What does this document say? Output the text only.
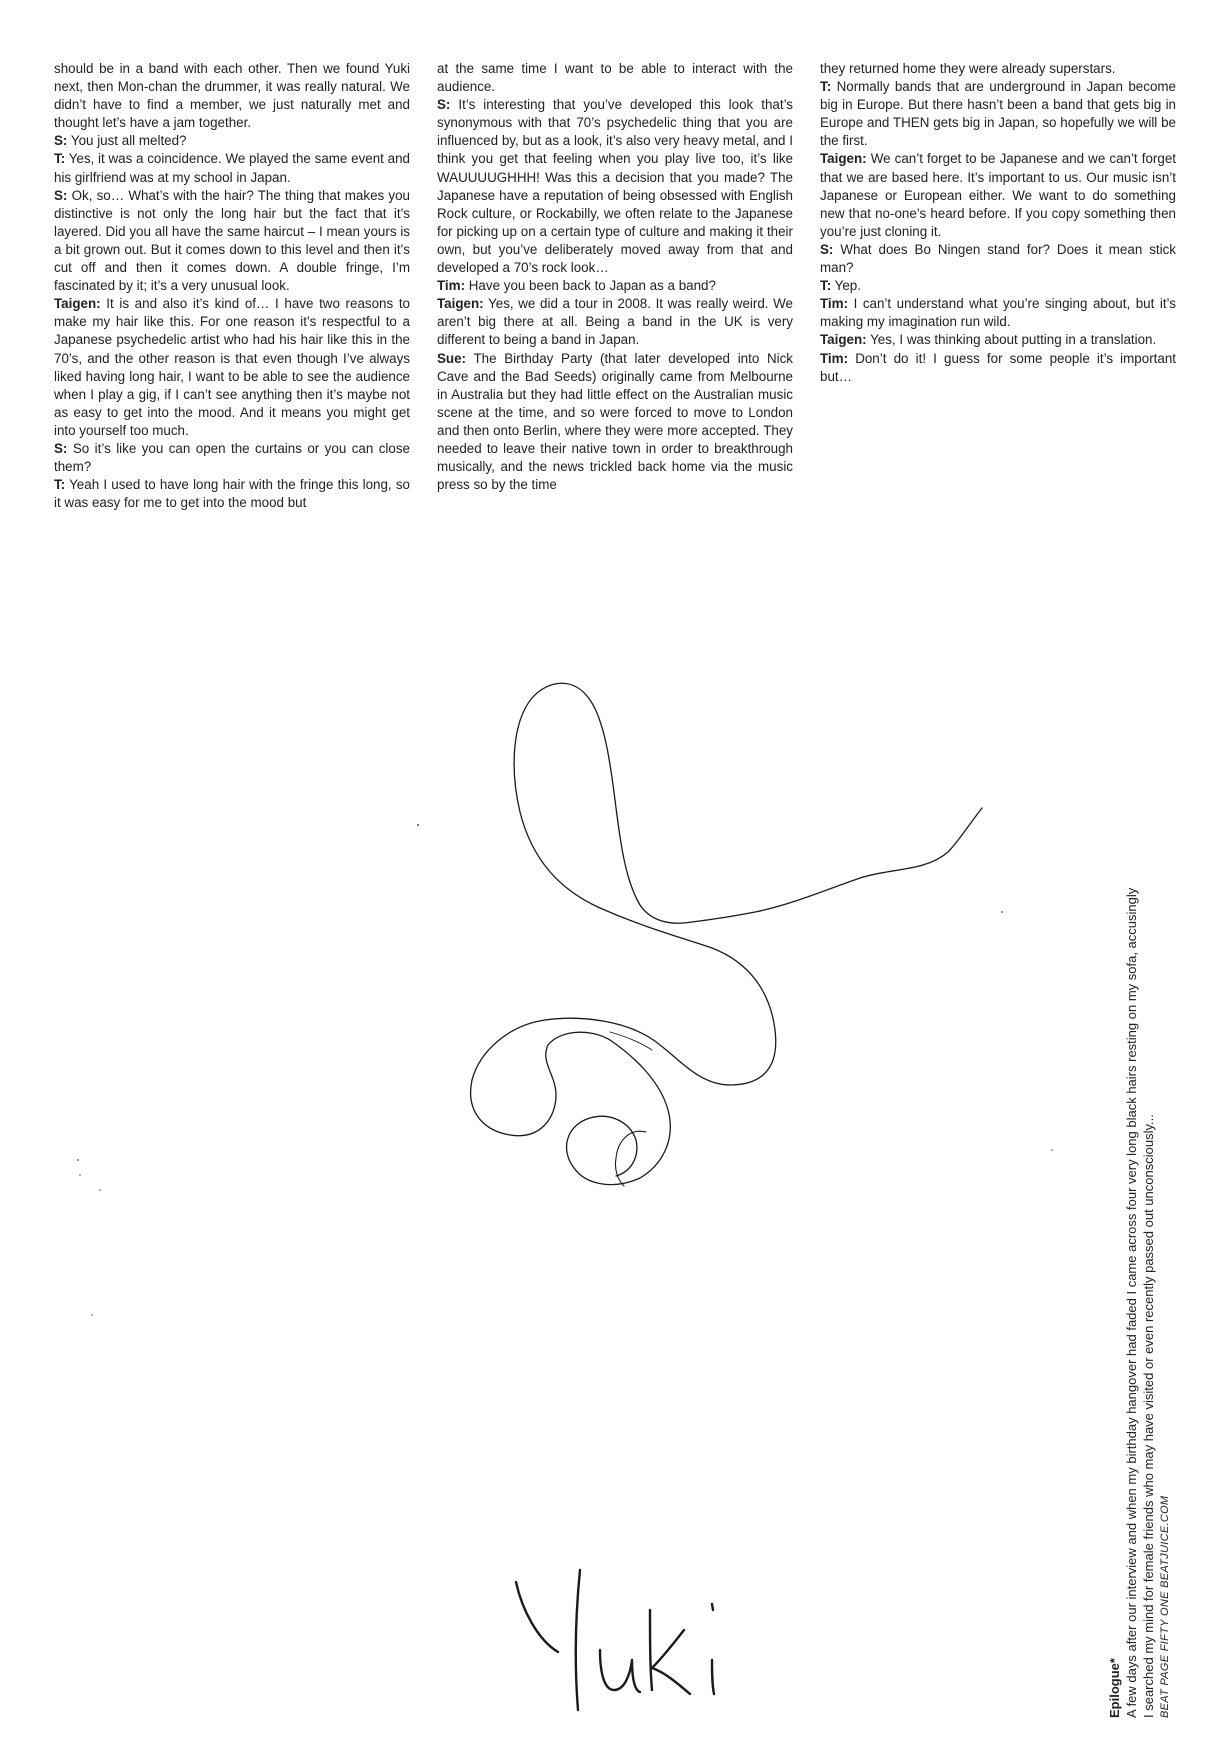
should be in a band with each other. Then we found Yuki next, then Mon-chan the drummer, it was really natural. We didn’t have to find a member, we just naturally met and thought let’s have a jam together.

S: You just all melted?

T: Yes, it was a coincidence. We played the same event and his girlfriend was at my school in Japan.

S: Ok, so… What’s with the hair? The thing that makes you distinctive is not only the long hair but the fact that it’s layered. Did you all have the same haircut – I mean yours is a bit grown out. But it comes down to this level and then it’s cut off and then it comes down. A double fringe, I’m fascinated by it; it’s a very unusual look.

Taigen: It is and also it’s kind of… I have two reasons to make my hair like this. For one reason it’s respectful to a Japanese psychedelic artist who had his hair like this in the 70’s, and the other reason is that even though I’ve always liked having long hair, I want to be able to see the audience when I play a gig, if I can’t see anything then it’s maybe not as easy to get into the mood. And it means you might get into yourself too much.

S: So it’s like you can open the curtains or you can close them?

T: Yeah I used to have long hair with the fringe this long, so it was easy for me to get into the mood but

at the same time I want to be able to interact with the audience.

S: It’s interesting that you’ve developed this look that’s synonymous with that 70’s psychedelic thing that you are influenced by, but as a look, it’s also very heavy metal, and I think you get that feeling when you play live too, it’s like WAUUUUGHHH! Was this a decision that you made? The Japanese have a reputation of being obsessed with English Rock culture, or Rockabilly, we often relate to the Japanese for picking up on a certain type of culture and making it their own, but you’ve deliberately moved away from that and developed a 70’s rock look…

Tim: Have you been back to Japan as a band?

Taigen: Yes, we did a tour in 2008. It was really weird. We aren’t big there at all. Being a band in the UK is very different to being a band in Japan.

Sue: The Birthday Party (that later developed into Nick Cave and the Bad Seeds) originally came from Melbourne in Australia but they had little effect on the Australian music scene at the time, and so were forced to move to London and then onto Berlin, where they were more accepted. They needed to leave their native town in order to breakthrough musically, and the news trickled back home via the music press so by the time

they returned home they were already superstars.

T: Normally bands that are underground in Japan become big in Europe. But there hasn’t been a band that gets big in Europe and THEN gets big in Japan, so hopefully we will be the first.

Taigen: We can’t forget to be Japanese and we can’t forget that we are based here. It’s important to us. Our music isn’t Japanese or European either. We want to do something new that no-one’s heard before. If you copy something then you’re just cloning it.

S: What does Bo Ningen stand for? Does it mean stick man?

T: Yep.

Tim: I can’t understand what you’re singing about, but it’s making my imagination run wild.

Taigen: Yes, I was thinking about putting in a translation.

Tim: Don’t do it! I guess for some people it’s important but…

Epilogue* A few days after our interview and when my birthday hangover had faded I came across four very long black hairs resting on my sofa, accusingly I searched my mind for female friends who may have visited or even recently passed out unconsciously... BEAT PAGE FIFTY ONE BEATJUICE.COM
